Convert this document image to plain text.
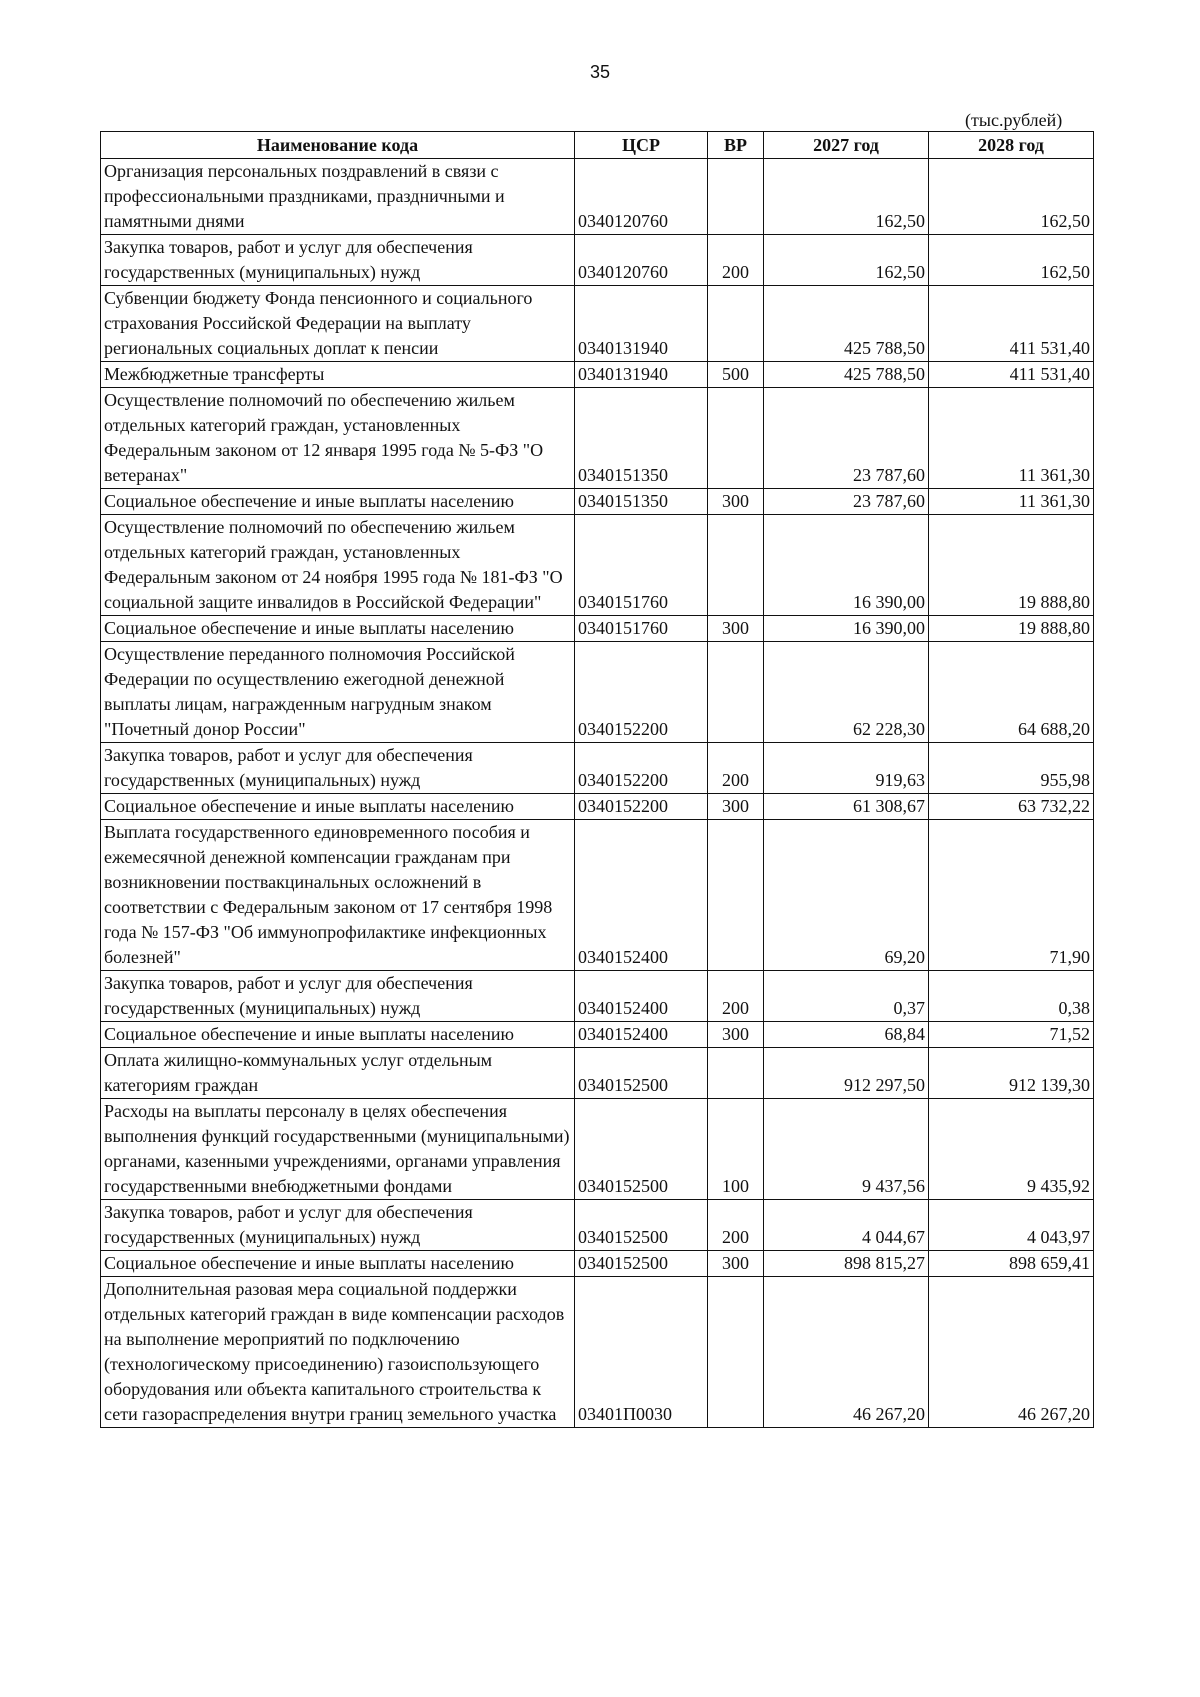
35
(тыс.рублей)
Наименование кода	ЦСР	ВР	2027 год	2028 год
Организация персональных поздравлений в связи с профессиональными праздниками, праздничными и памятными днями	0340120760		162,50	162,50
Закупка товаров, работ и услуг для обеспечения государственных (муниципальных) нужд	0340120760	200	162,50	162,50
Субвенции бюджету Фонда пенсионного и социального страхования Российской Федерации на выплату региональных социальных доплат к пенсии	0340131940		425 788,50	411 531,40
Межбюджетные трансферты	0340131940	500	425 788,50	411 531,40
Осуществление полномочий по обеспечению жильем отдельных категорий граждан, установленных Федеральным законом от 12 января 1995 года № 5-ФЗ "О ветеранах"	0340151350		23 787,60	11 361,30
Социальное обеспечение и иные выплаты населению	0340151350	300	23 787,60	11 361,30
Осуществление полномочий по обеспечению жильем отдельных категорий граждан, установленных Федеральным законом от 24 ноября 1995 года № 181-ФЗ "О социальной защите инвалидов в Российской Федерации"	0340151760		16 390,00	19 888,80
Социальное обеспечение и иные выплаты населению	0340151760	300	16 390,00	19 888,80
Осуществление переданного полномочия Российской Федерации по осуществлению ежегодной денежной выплаты лицам, награжденным нагрудным знаком "Почетный донор России"	0340152200		62 228,30	64 688,20
Закупка товаров, работ и услуг для обеспечения государственных (муниципальных) нужд	0340152200	200	919,63	955,98
Социальное обеспечение и иные выплаты населению	0340152200	300	61 308,67	63 732,22
Выплата государственного единовременного пособия и ежемесячной денежной компенсации гражданам при возникновении поствакцинальных осложнений в соответствии с Федеральным законом от 17 сентября 1998 года № 157-ФЗ "Об иммунопрофилактике инфекционных болезней"	0340152400		69,20	71,90
Закупка товаров, работ и услуг для обеспечения государственных (муниципальных) нужд	0340152400	200	0,37	0,38
Социальное обеспечение и иные выплаты населению	0340152400	300	68,84	71,52
Оплата жилищно-коммунальных услуг отдельным категориям граждан	0340152500		912 297,50	912 139,30
Расходы на выплаты персоналу в целях обеспечения выполнения функций государственными (муниципальными) органами, казенными учреждениями, органами управления государственными внебюджетными фондами	0340152500	100	9 437,56	9 435,92
Закупка товаров, работ и услуг для обеспечения государственных (муниципальных) нужд	0340152500	200	4 044,67	4 043,97
Социальное обеспечение и иные выплаты населению	0340152500	300	898 815,27	898 659,41
Дополнительная разовая мера социальной поддержки отдельных категорий граждан в виде компенсации расходов на выполнение мероприятий по подключению (технологическому присоединению) газоиспользующего оборудования или объекта капитального строительства к сети газораспределения внутри границ земельного участка	03401П0030		46 267,20	46 267,20
